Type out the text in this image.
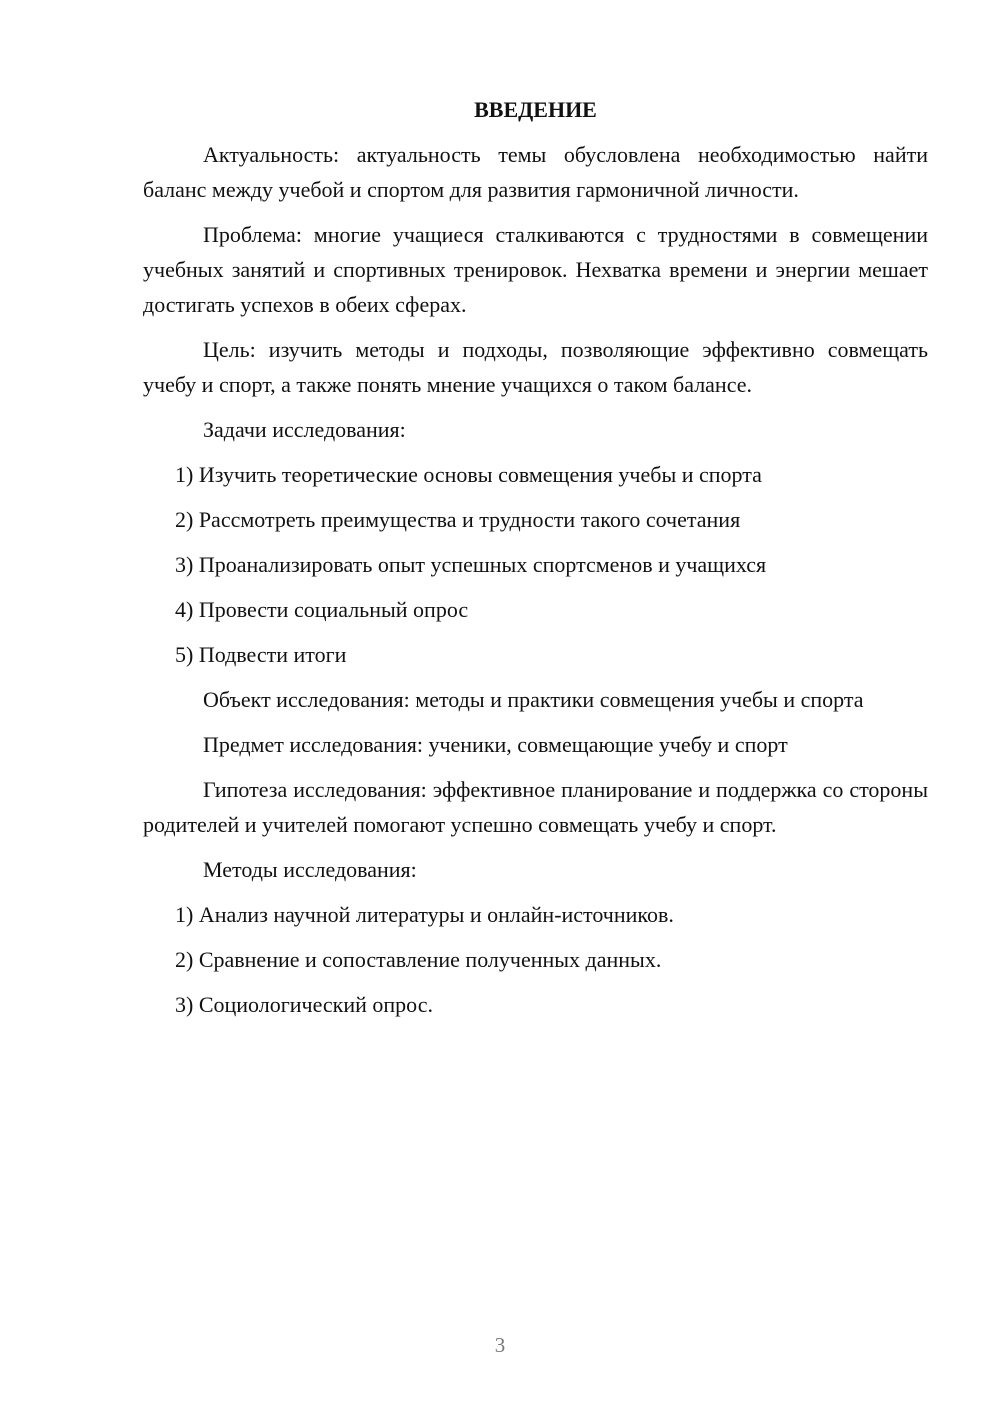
ВВЕДЕНИЕ

Актуальность: актуальность темы обусловлена необходимостью найти баланс между учебой и спортом для развития гармоничной личности.

Проблема: многие учащиеся сталкиваются с трудностями в совмещении учебных занятий и спортивных тренировок. Нехватка времени и энергии мешает достигать успехов в обеих сферах.

Цель: изучить методы и подходы, позволяющие эффективно совмещать учебу и спорт, а также понять мнение учащихся о таком балансе.

Задачи исследования:

1) Изучить теоретические основы совмещения учебы и спорта
2) Рассмотреть преимущества и трудности такого сочетания
3) Проанализировать опыт успешных спортсменов и учащихся
4) Провести социальный опрос
5) Подвести итоги

Объект исследования: методы и практики совмещения учебы и спорта

Предмет исследования: ученики, совмещающие учебу и спорт

Гипотеза исследования: эффективное планирование и поддержка со стороны родителей и учителей помогают успешно совмещать учебу и спорт.

Методы исследования:

1) Анализ научной литературы и онлайн-источников.
2) Сравнение и сопоставление полученных данных.
3) Социологический опрос.
3
